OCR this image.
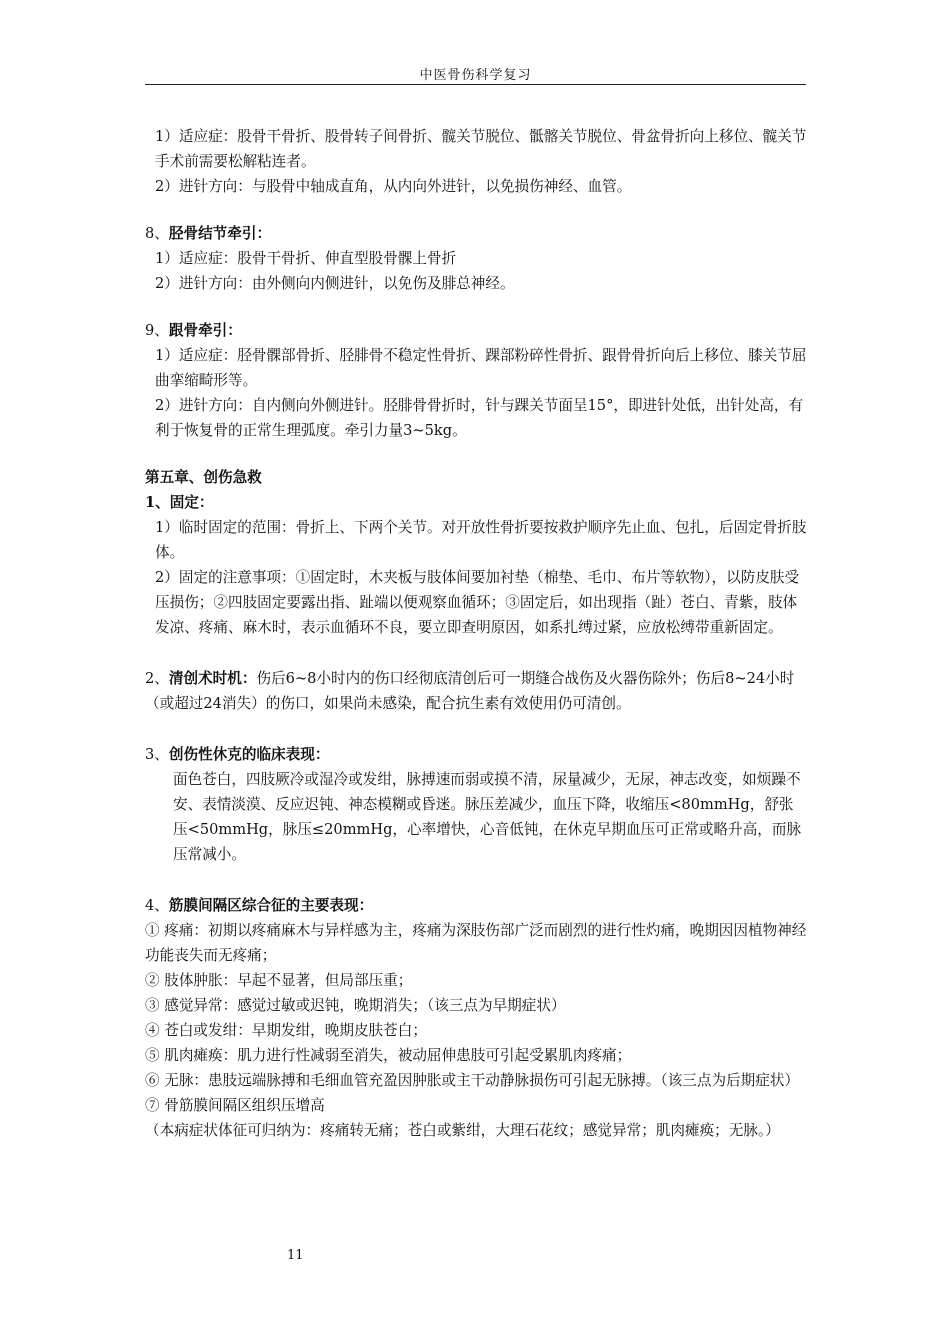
中医骨伤科学复习

1）适应症：股骨干骨折、股骨转子间骨折、髋关节脱位、骶髂关节脱位、骨盆骨折向上移位、髋关节手术前需要松解粘连者。

2）进针方向：与股骨中轴成直角，从内向外进针，以免损伤神经、血管。

8、胫骨结节牵引：

1）适应症：股骨干骨折、伸直型股骨髁上骨折

2）进针方向：由外侧向内侧进针，以免伤及腓总神经。

9、跟骨牵引：

1）适应症：胫骨髁部骨折、胫腓骨不稳定性骨折、踝部粉碎性骨折、跟骨骨折向后上移位、膝关节屈曲挛缩畸形等。

2）进针方向：自内侧向外侧进针。胫腓骨骨折时，针与踝关节面呈15°，即进针处低，出针处高，有利于恢复骨的正常生理弧度。牵引力量3~5kg。

第五章、创伤急救

1、固定：

1）临时固定的范围：骨折上、下两个关节。对开放性骨折要按救护顺序先止血、包扎，后固定骨折肢体。

2）固定的注意事项：①固定时，木夹板与肢体间要加衬垫（棉垫、毛巾、布片等软物），以防皮肤受压损伤；②四肢固定要露出指、趾端以便观察血循环；③固定后，如出现指（趾）苍白、青紫，肢体发凉、疼痛、麻木时，表示血循环不良，要立即查明原因，如系扎缚过紧，应放松缚带重新固定。

2、清创术时机：伤后6~8小时内的伤口经彻底清创后可一期缝合战伤及火器伤除外；伤后8~24小时（或超过24消失）的伤口，如果尚未感染，配合抗生素有效使用仍可清创。

3、创伤性休克的临床表现：

面色苍白，四肢厥冷或湿冷或发绀，脉搏速而弱或摸不清，尿量减少，无尿，神志改变，如烦躁不安、表情淡漠、反应迟钝、神态模糊或昏迷。脉压差减少，血压下降，收缩压<80mmHg，舒张压<50mmHg，脉压≤20mmHg，心率增快，心音低钝，在休克早期血压可正常或略升高，而脉压常减小。

4、筋膜间隔区综合征的主要表现：

① 疼痛：初期以疼痛麻木与异样感为主，疼痛为深肢伤部广泛而剧烈的进行性灼痛，晚期因因植物神经功能丧失而无疼痛；

② 肢体肿胀：早起不显著，但局部压重；

③ 感觉异常：感觉过敏或迟钝，晚期消失；（该三点为早期症状）

④ 苍白或发绀：早期发绀，晚期皮肤苍白；

⑤ 肌肉瘫痪：肌力进行性减弱至消失，被动屈伸患肢可引起受累肌肉疼痛；

⑥ 无脉：患肢远端脉搏和毛细血管充盈因肿胀或主干动静脉损伤可引起无脉搏。（该三点为后期症状）

⑦ 骨筋膜间隔区组织压增高

（本病症状体征可归纳为：疼痛转无痛；苍白或紫绀，大理石花纹；感觉异常；肌肉瘫痪；无脉。）

11
